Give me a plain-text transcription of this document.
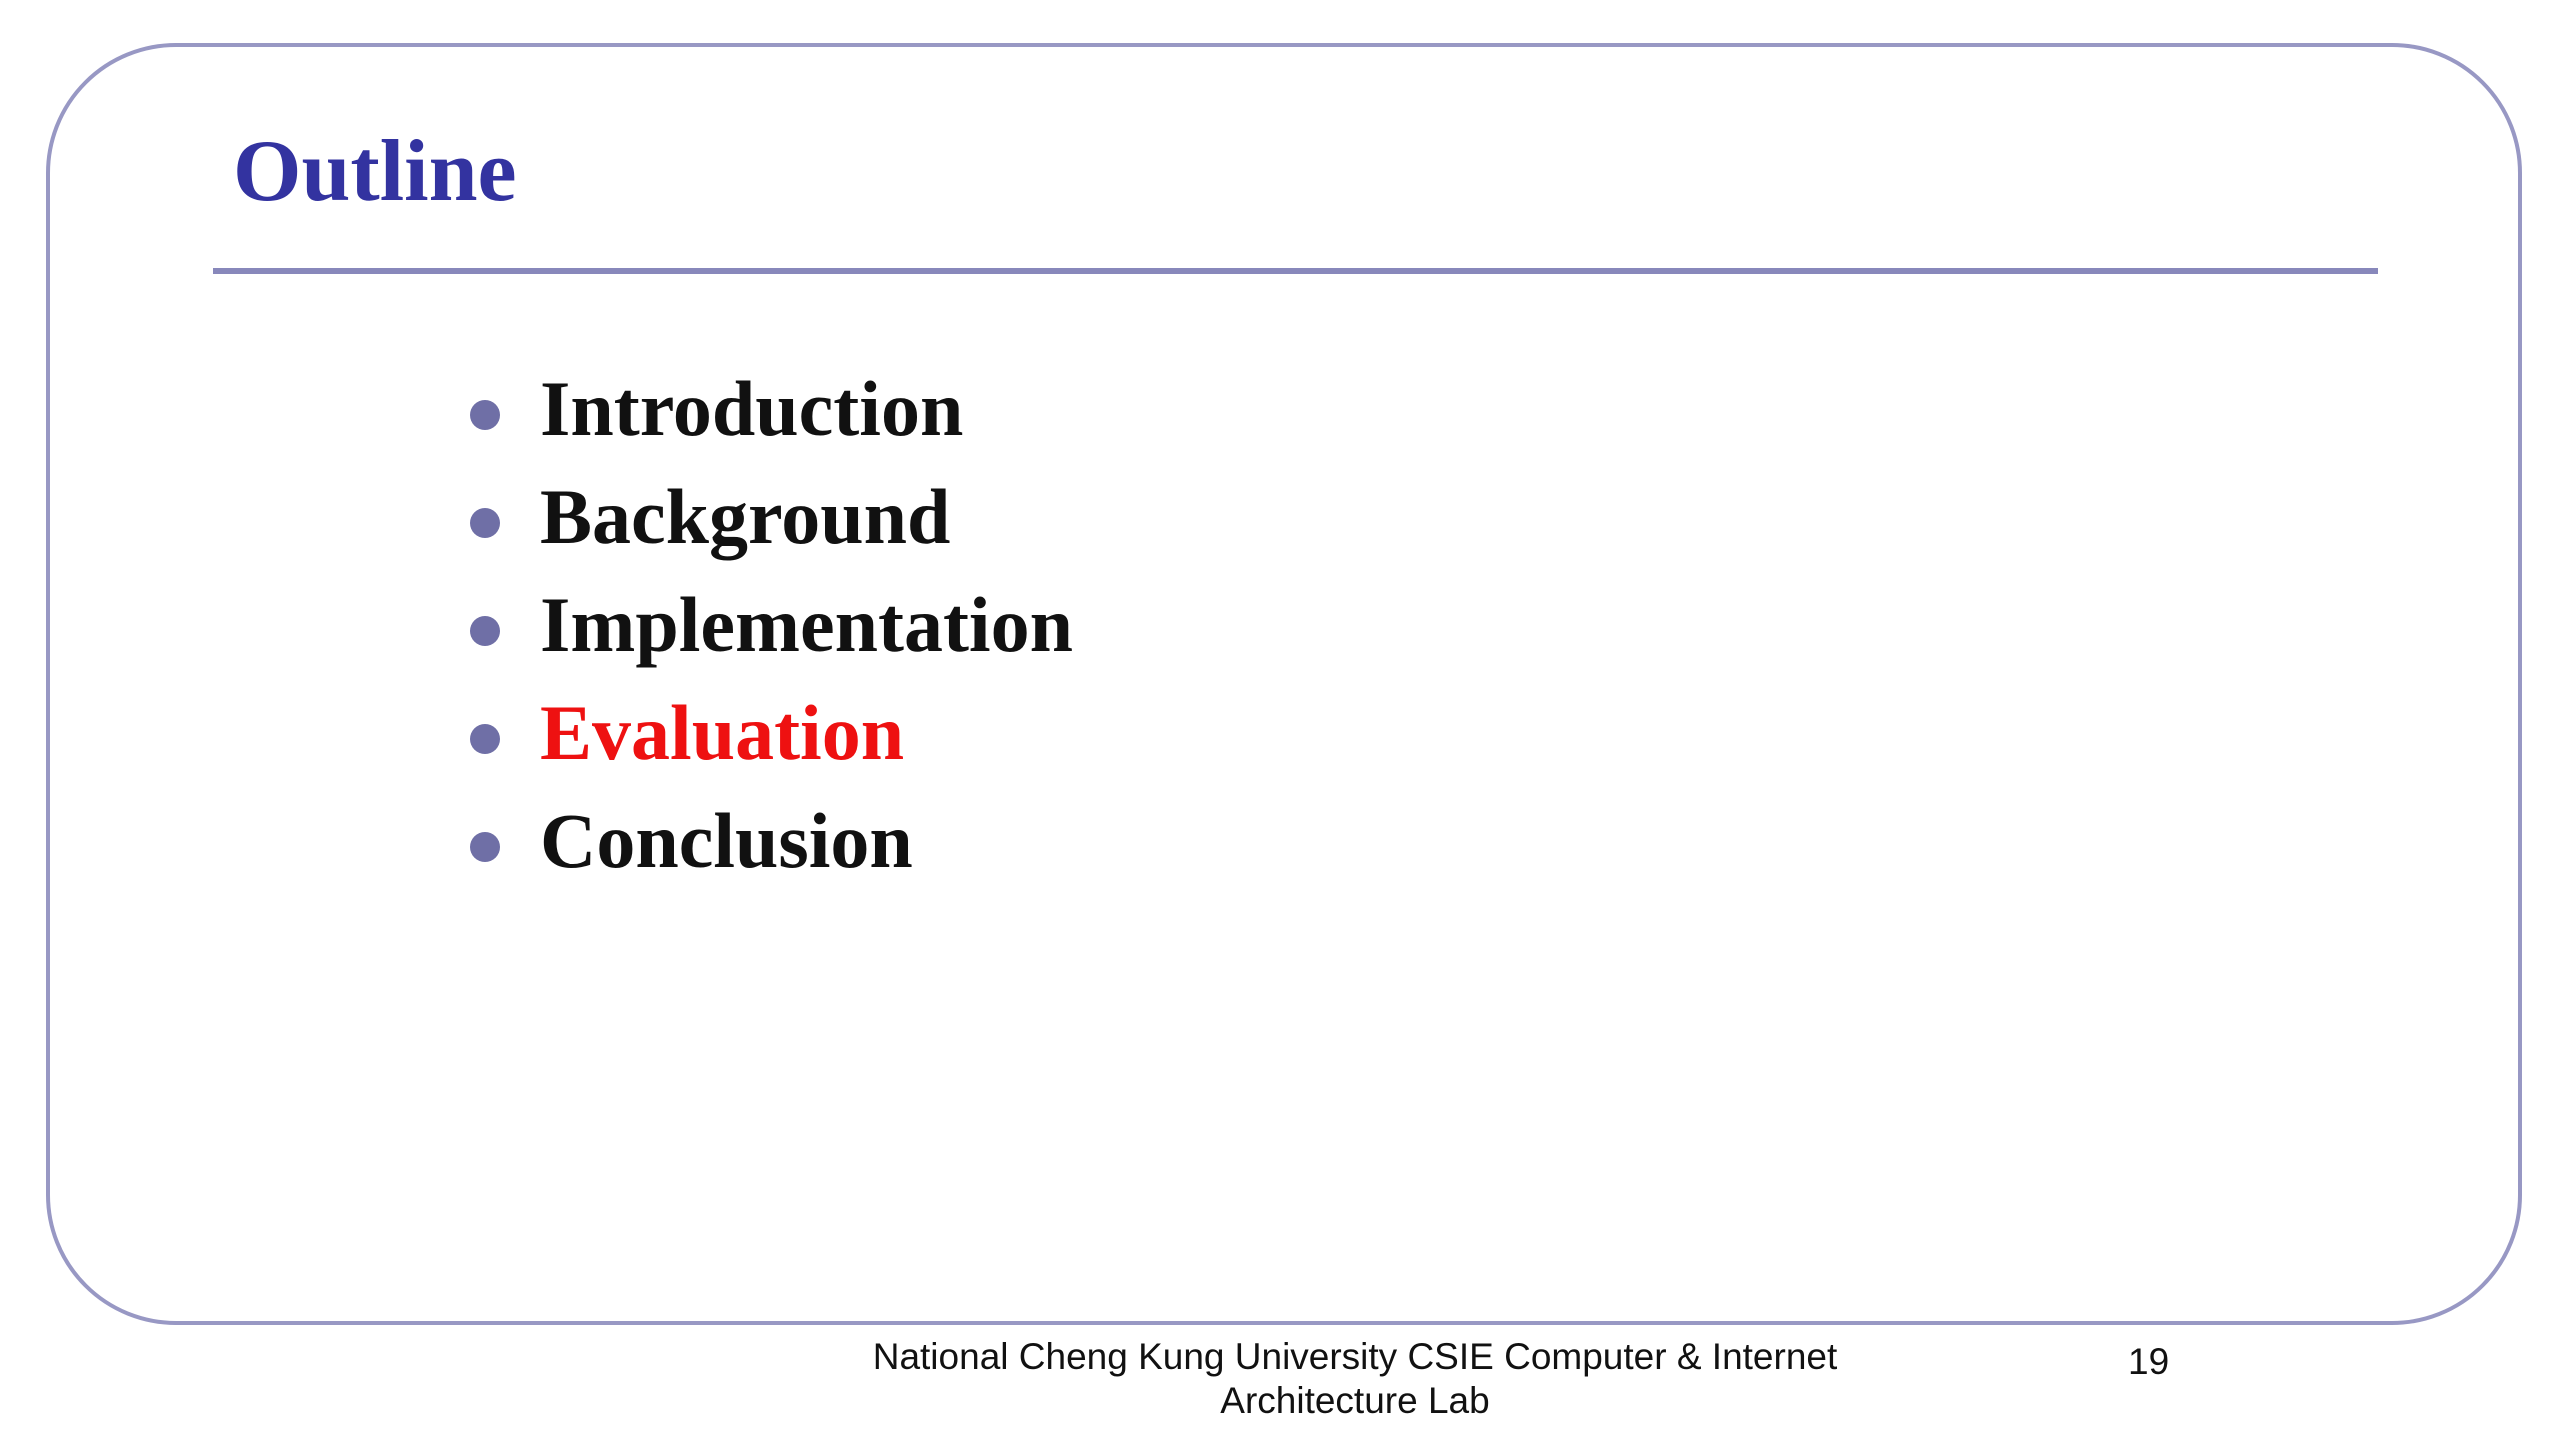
Outline
Introduction
Background
Implementation
Evaluation
Conclusion
National Cheng Kung University CSIE Computer & Internet
Architecture Lab
19
